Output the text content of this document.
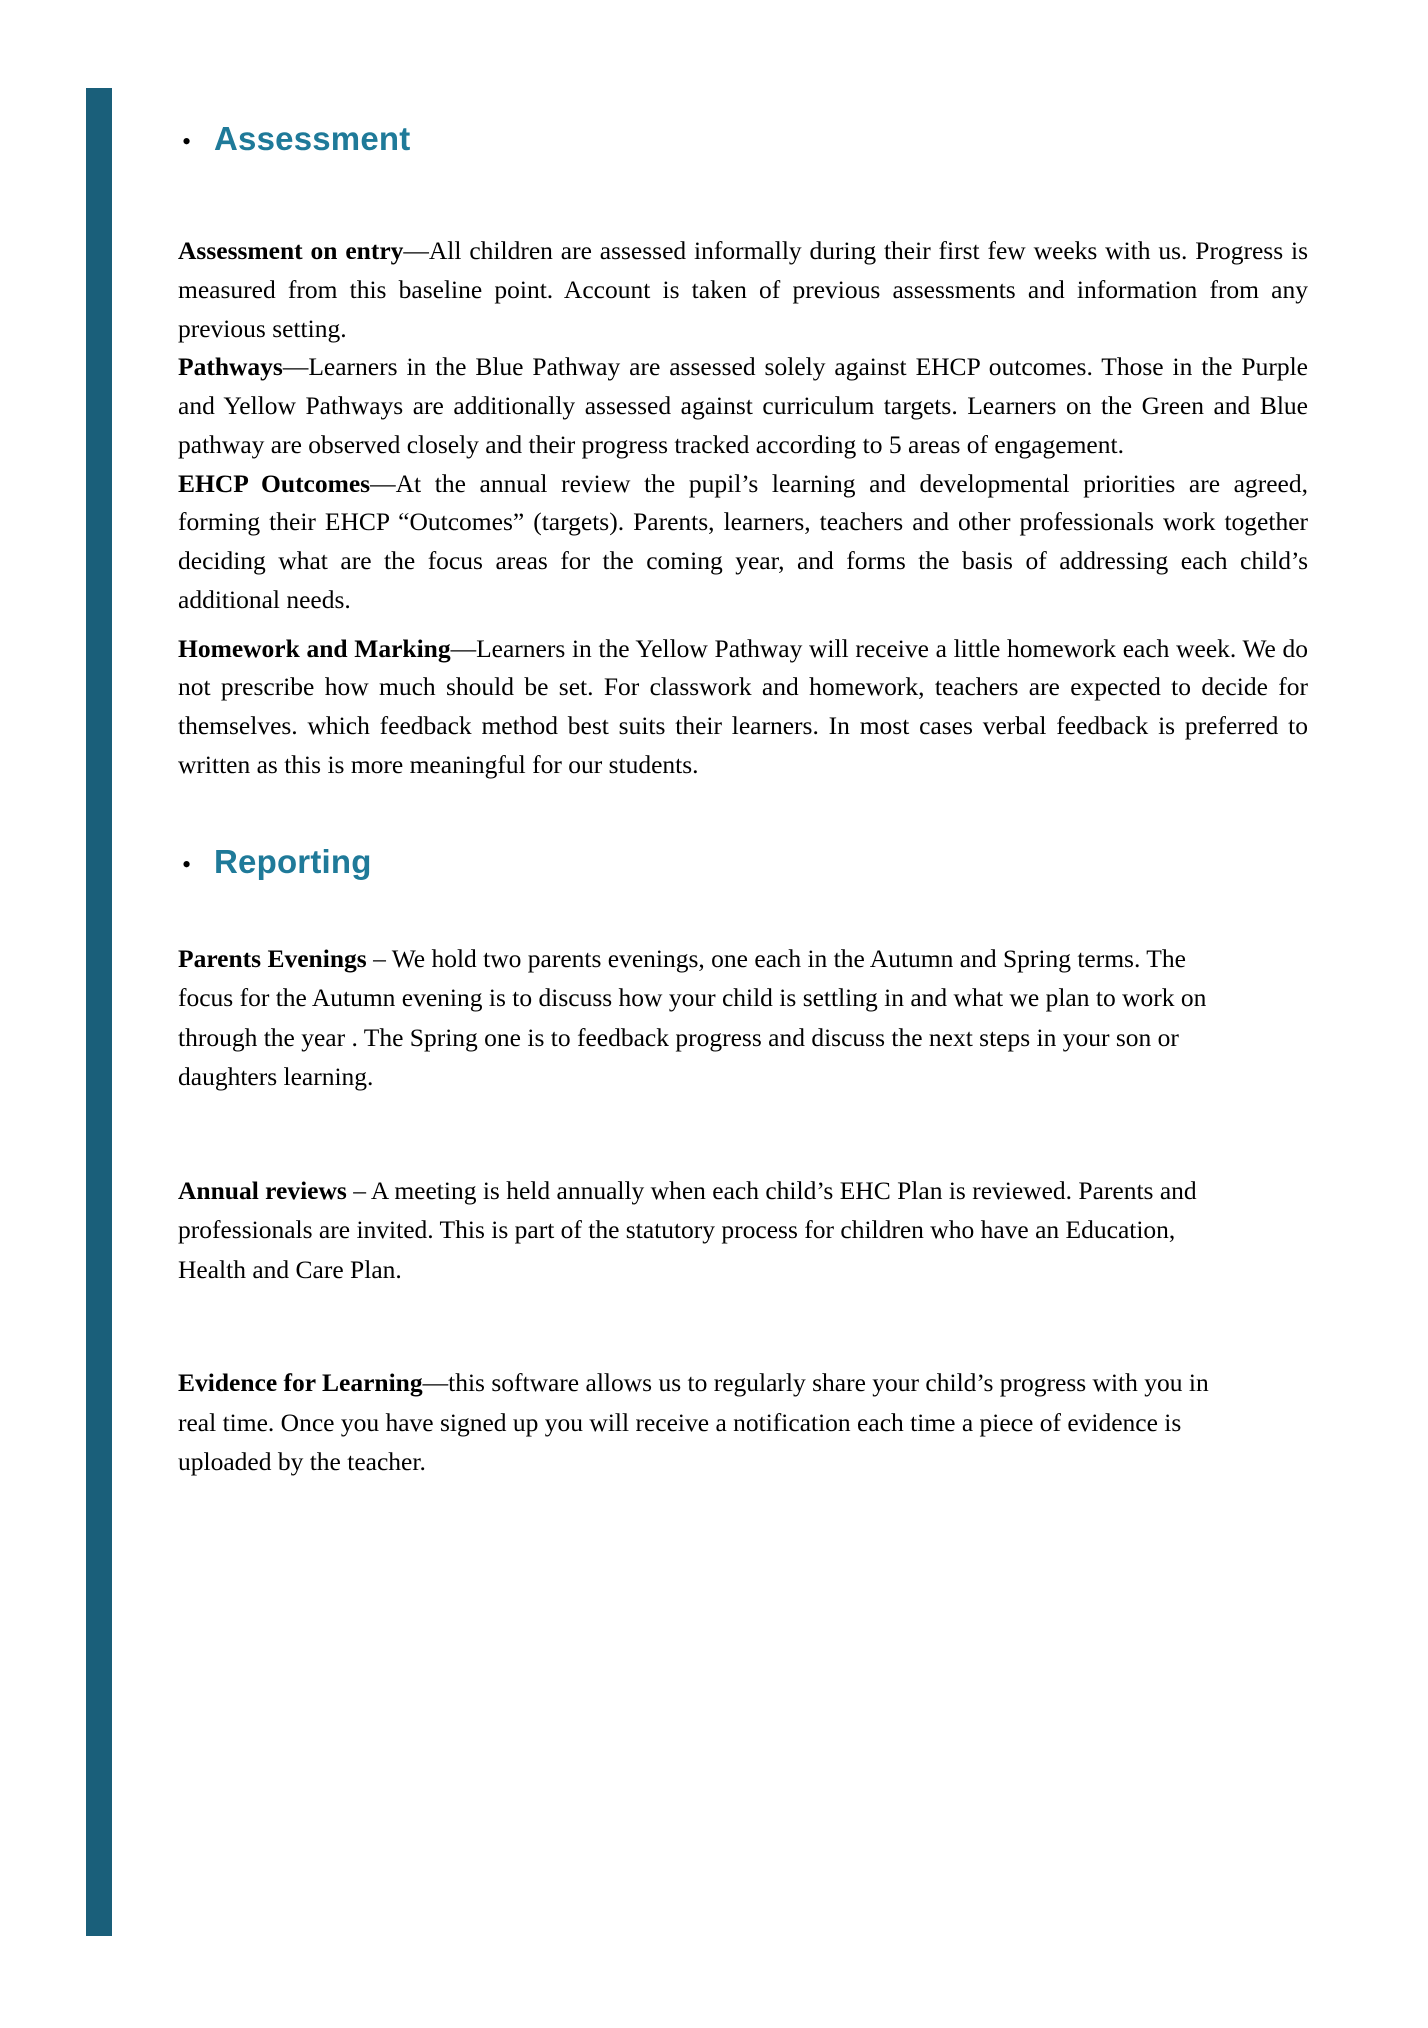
• Assessment

Assessment on entry—All children are assessed informally during their first few weeks with us. Progress is measured from this baseline point. Account is taken of previous assessments and information from any previous setting.

Pathways—Learners in the Blue Pathway are assessed solely against EHCP outcomes. Those in the Purple and Yellow Pathways are additionally assessed against curriculum targets. Learners on the Green and Blue pathway are observed closely and their progress tracked according to 5 areas of engagement.

EHCP Outcomes—At the annual review the pupil’s learning and developmental priorities are agreed, forming their EHCP “Outcomes” (targets). Parents, learners, teachers and other professionals work together deciding what are the focus areas for the coming year, and forms the basis of addressing each child’s additional needs.

Homework and Marking—Learners in the Yellow Pathway will receive a little homework each week. We do not prescribe how much should be set. For classwork and homework, teachers are expected to decide for themselves. which feedback method best suits their learners. In most cases verbal feedback is preferred to written as this is more meaningful for our students.

• Reporting

Parents Evenings – We hold two parents evenings, one each in the Autumn and Spring terms. The focus for the Autumn evening is to discuss how your child is settling in and what we plan to work on through the year . The Spring one is to feedback progress and discuss the next steps in your son or daughters learning.

Annual reviews – A meeting is held annually when each child’s EHC Plan is reviewed. Parents and professionals are invited. This is part of the statutory process for children who have an Education, Health and Care Plan.

Evidence for Learning—this software allows us to regularly share your child’s progress with you in real time. Once you have signed up you will receive a notification each time a piece of evidence is uploaded by the teacher.
